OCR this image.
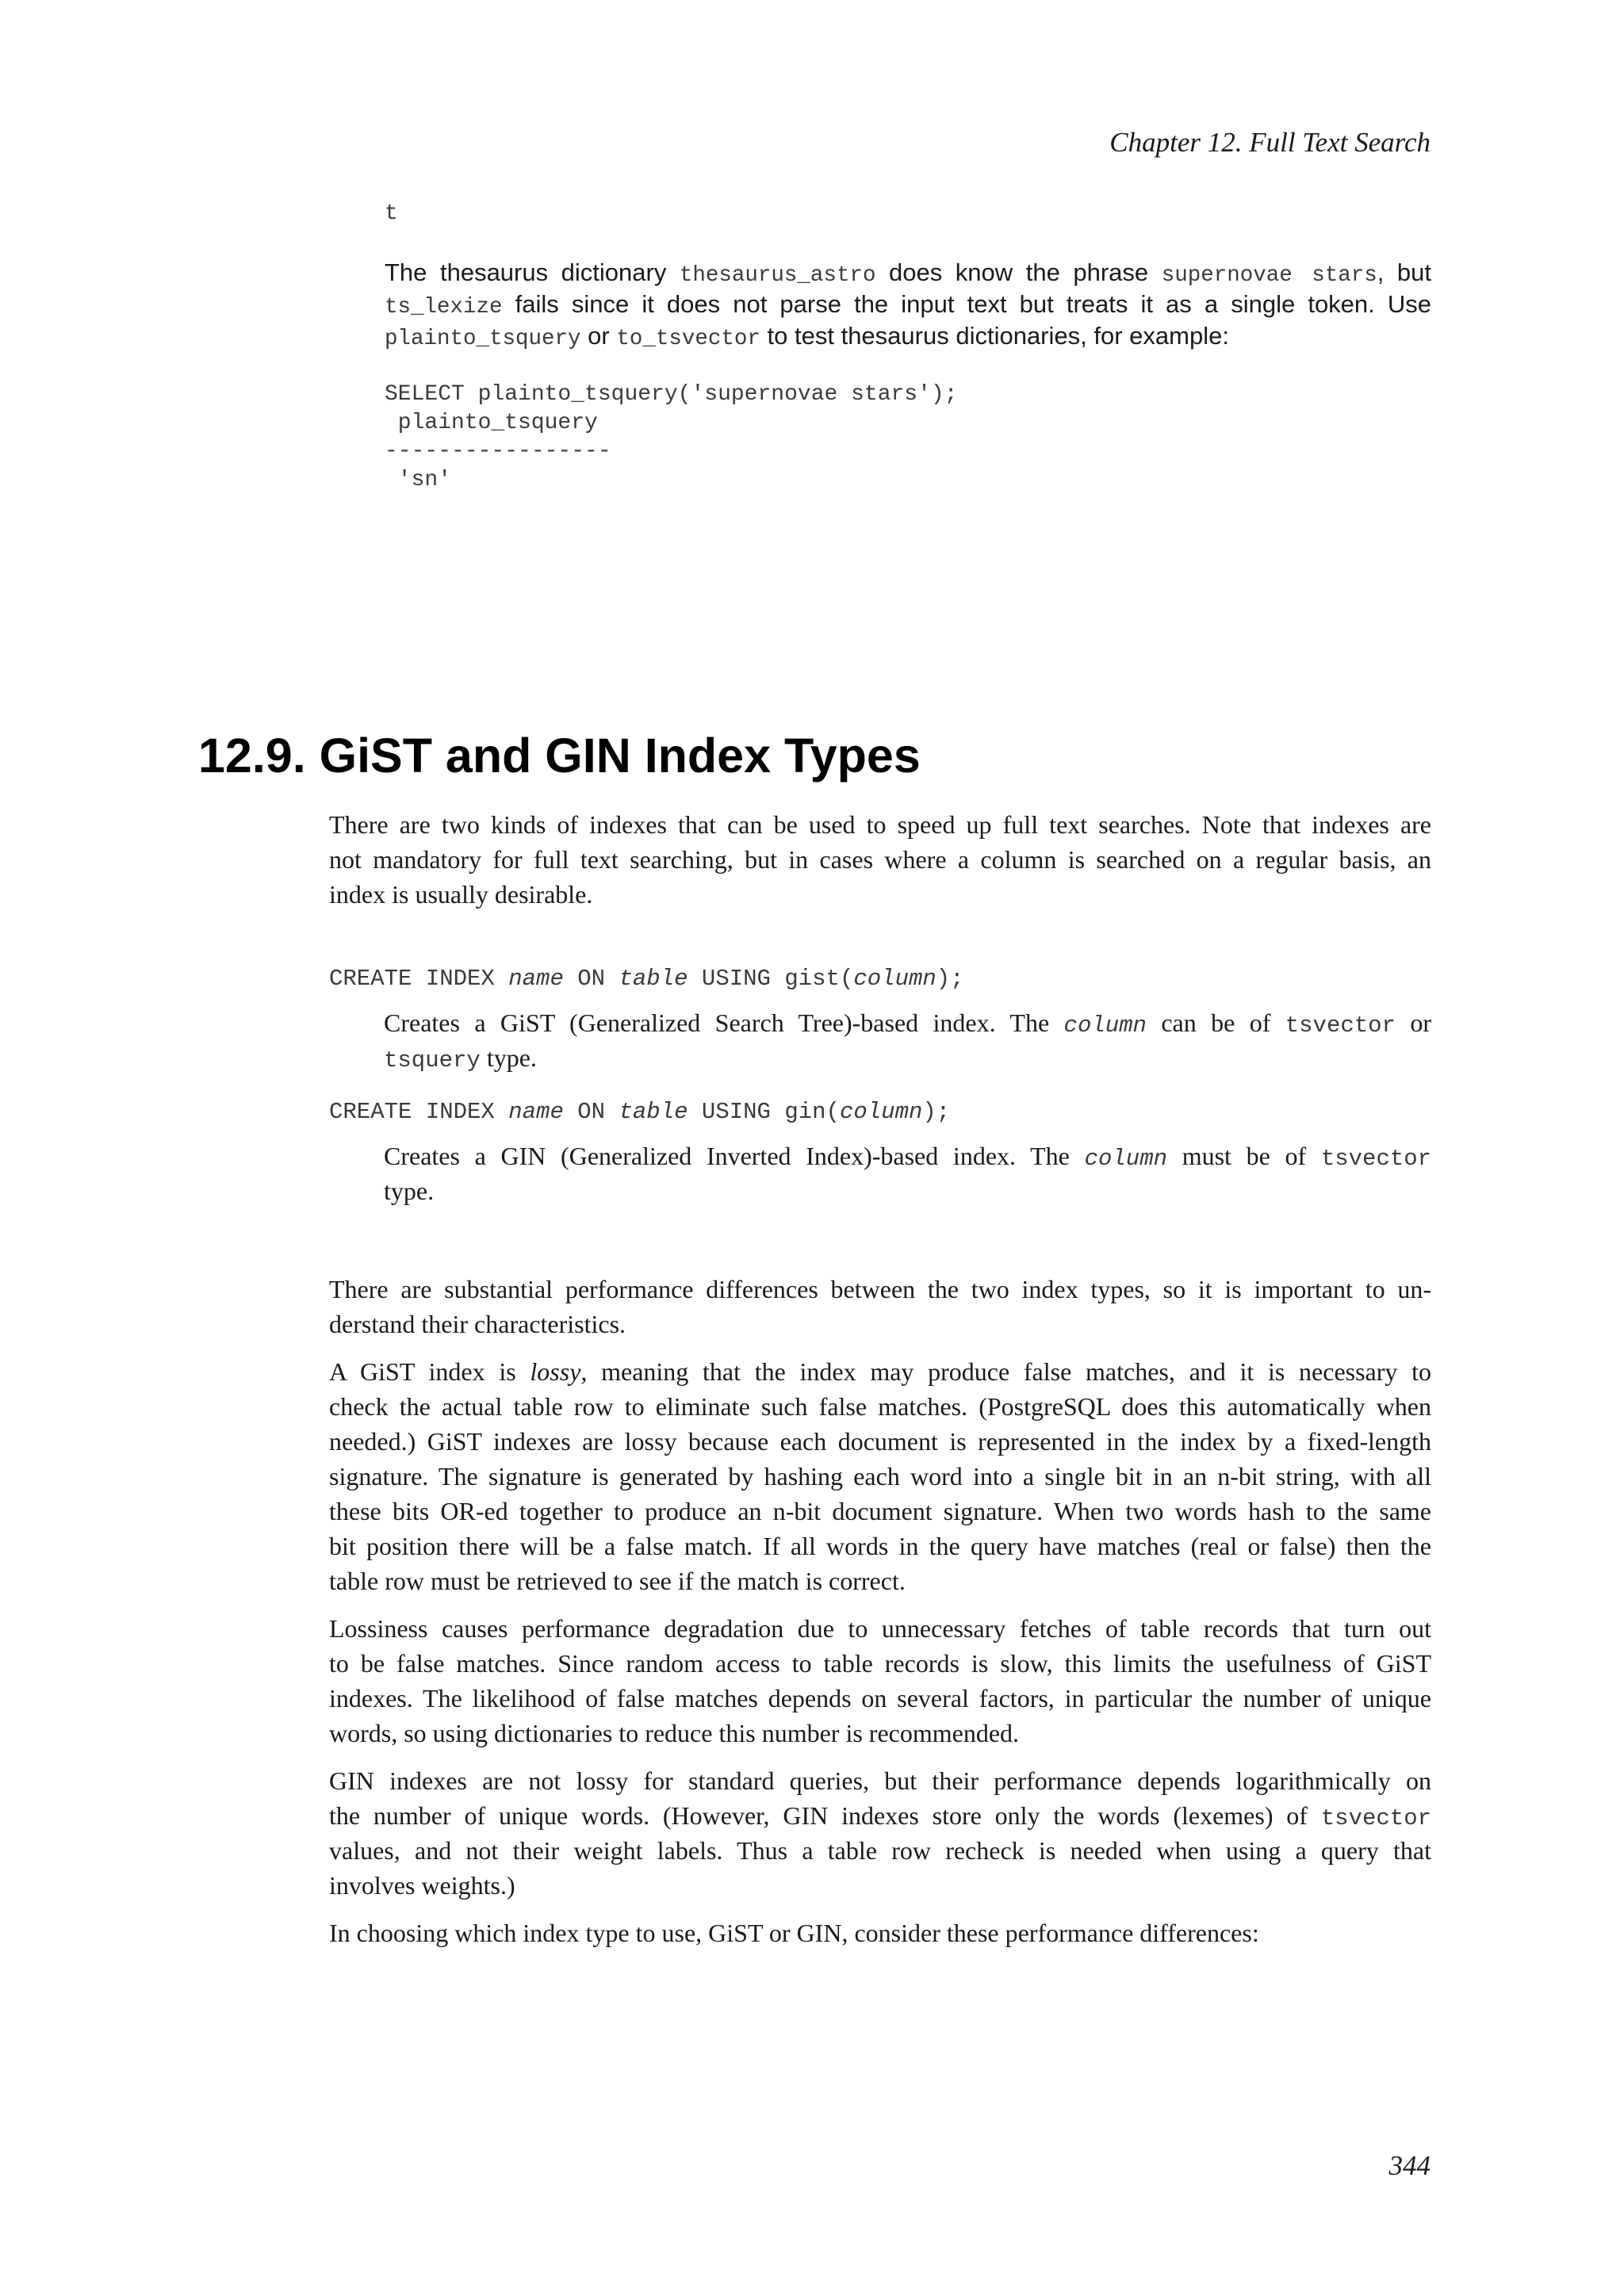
Chapter 12. Full Text Search
t
The thesaurus dictionary thesaurus_astro does know the phrase supernovae stars, but
ts_lexize fails since it does not parse the input text but treats it as a single token. Use
plainto_tsquery or to_tsvector to test thesaurus dictionaries, for example:
SELECT plainto_tsquery('supernovae stars');
plainto_tsquery
-----------------
'sn'
12.9. GiST and GIN Index Types
There are two kinds of indexes that can be used to speed up full text searches. Note that indexes are
not mandatory for full text searching, but in cases where a column is searched on a regular basis, an
index is usually desirable.
CREATE INDEX name ON table USING gist(column);
Creates a GiST (Generalized Search Tree)-based index. The column can be of tsvector or
tsquery type.
CREATE INDEX name ON table USING gin(column);
Creates a GIN (Generalized Inverted Index)-based index. The column must be of tsvector
type.
There are substantial performance differences between the two index types, so it is important to un-
derstand their characteristics.
A GiST index is lossy, meaning that the index may produce false matches, and it is necessary to
check the actual table row to eliminate such false matches. (PostgreSQL does this automatically when
needed.) GiST indexes are lossy because each document is represented in the index by a fixed-length
signature. The signature is generated by hashing each word into a single bit in an n-bit string, with all
these bits OR-ed together to produce an n-bit document signature. When two words hash to the same
bit position there will be a false match. If all words in the query have matches (real or false) then the
table row must be retrieved to see if the match is correct.
Lossiness causes performance degradation due to unnecessary fetches of table records that turn out
to be false matches. Since random access to table records is slow, this limits the usefulness of GiST
indexes. The likelihood of false matches depends on several factors, in particular the number of unique
words, so using dictionaries to reduce this number is recommended.
GIN indexes are not lossy for standard queries, but their performance depends logarithmically on
the number of unique words. (However, GIN indexes store only the words (lexemes) of tsvector
values, and not their weight labels. Thus a table row recheck is needed when using a query that
involves weights.)
In choosing which index type to use, GiST or GIN, consider these performance differences:
344
